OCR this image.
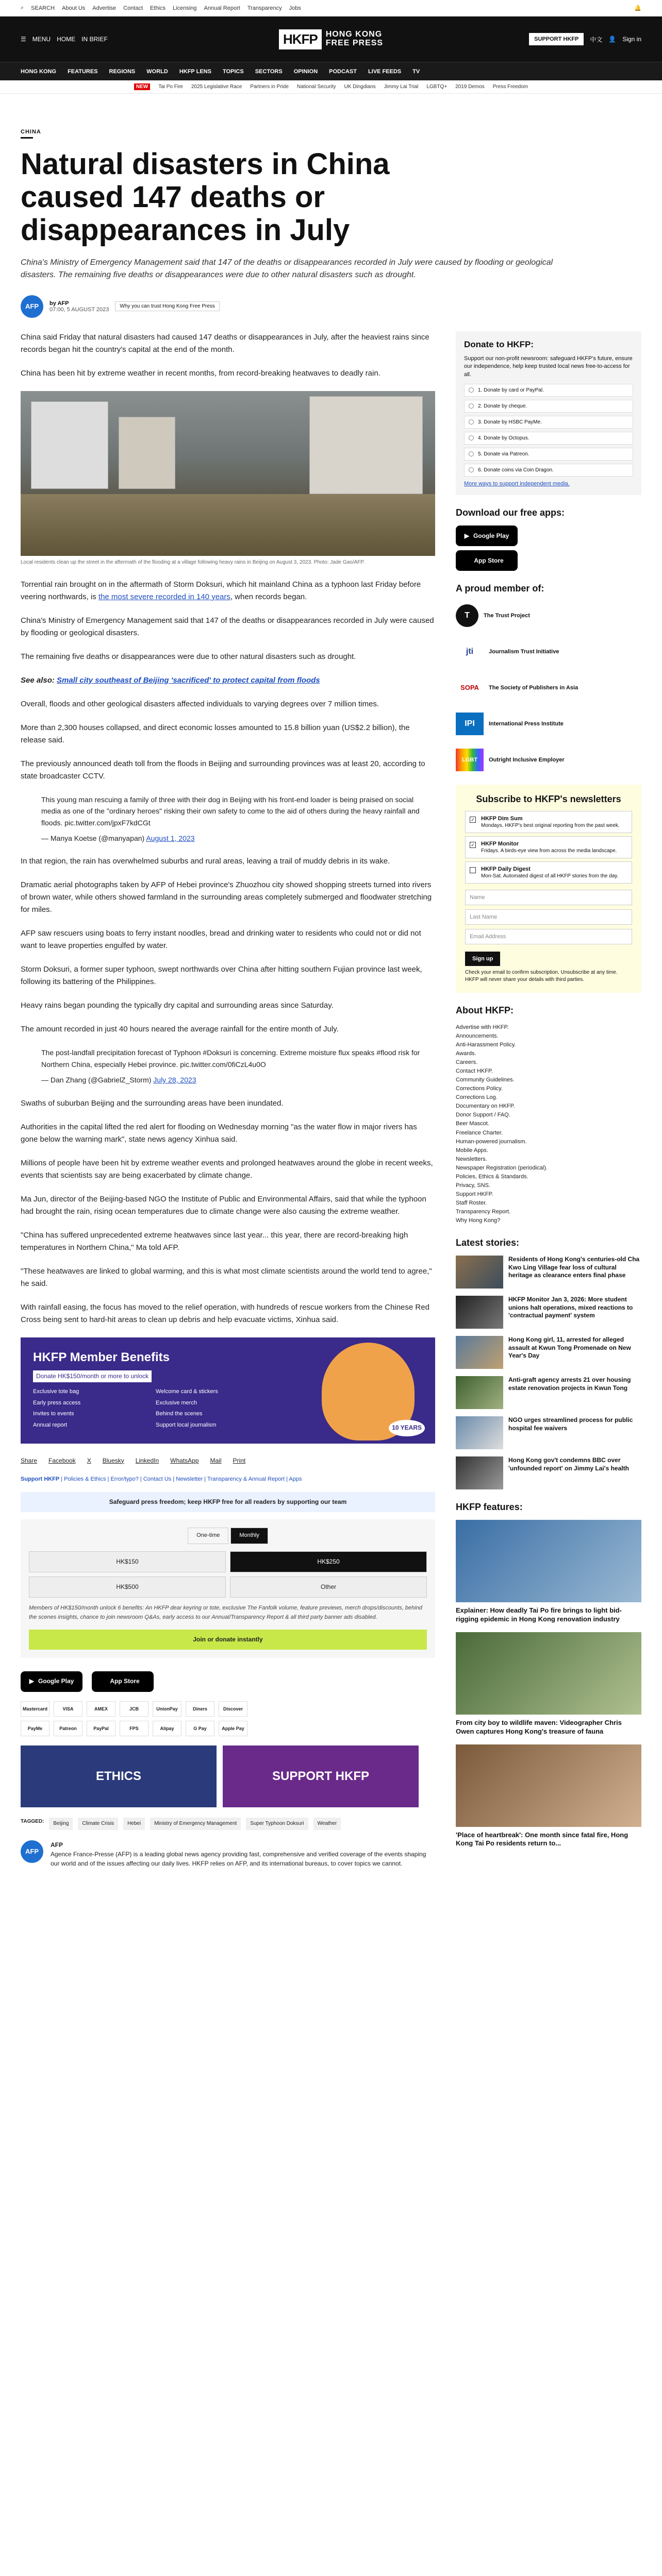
⌕ SEARCH About Us Advertise Contact Ethics Licensing Annual Report Transparency Jobs	🔔
☰ MENU HOME IN BRIEF	HKFP	HONG KONG
FREE PRESS	SUPPORT HKFP	中文 👤 Sign in
HONG KONG FEATURES REGIONS WORLD HKFP LENS TOPICS SECTORS OPINION PODCAST LIVE FEEDS TV
NEW	Tai Po Fire 2025 Legislative Race Partners in Pride National Security UK Dingdians Jimmy Lai Trial LGBTQ+ 2019 Demos Press Freedom
CHINA
Natural disasters in China caused 147 deaths or disappearances in July

China's Ministry of Emergency Management said that 147 of the deaths or disappearances recorded in July were caused by flooding or geological disasters. The remaining five deaths or disappearances were due to other natural disasters such as drought.

AFP	by AFP
07:00, 5 AUGUST 2023	Why you can trust Hong Kong Free Press

China said Friday that natural disasters had caused 147 deaths or disappearances in July, after the heaviest rains since records began hit the country's capital at the end of the month.

China has been hit by extreme weather in recent months, from record-breaking heatwaves to deadly rain.

Local residents clean up the street in the aftermath of the flooding at a village following heavy rains in Beijing on August 3, 2023. Photo: Jade Gao/AFP.

Torrential rain brought on in the aftermath of Storm Doksuri, which hit mainland China as a typhoon last Friday before veering northwards, is the most severe recorded in 140 years, when records began.

China's Ministry of Emergency Management said that 147 of the deaths or disappearances recorded in July were caused by flooding or geological disasters.

The remaining five deaths or disappearances were due to other natural disasters such as drought.

See also: Small city southeast of Beijing 'sacrificed' to protect capital from floods

Overall, floods and other geological disasters affected individuals to varying degrees over 7 million times.

More than 2,300 houses collapsed, and direct economic losses amounted to 15.8 billion yuan (US$2.2 billion), the release said.

The previously announced death toll from the floods in Beijing and surrounding provinces was at least 20, according to state broadcaster CCTV.

This young man rescuing a family of three with their dog in Beijing with his front-end loader is being praised on social media as one of the "ordinary heroes" risking their own safety to come to the aid of others during the heavy rainfall and floods. pic.twitter.com/jpxF7kdCGt

— Manya Koetse (@manyapan) August 1, 2023

In that region, the rain has overwhelmed suburbs and rural areas, leaving a trail of muddy debris in its wake.

Dramatic aerial photographs taken by AFP of Hebei province's Zhuozhou city showed shopping streets turned into rivers of brown water, while others showed farmland in the surrounding areas completely submerged and floodwater stretching for miles.

AFP saw rescuers using boats to ferry instant noodles, bread and drinking water to residents who could not or did not want to leave properties engulfed by water.

Storm Doksuri, a former super typhoon, swept northwards over China after hitting southern Fujian province last week, following its battering of the Philippines.

Heavy rains began pounding the typically dry capital and surrounding areas since Saturday.

The amount recorded in just 40 hours neared the average rainfall for the entire month of July.

The post-landfall precipitation forecast of Typhoon #Doksuri is concerning. Extreme moisture flux speaks #flood risk for Northern China, especially Hebei province. pic.twitter.com/0fiCzL4u0O

— Dan Zhang (@GabrielZ_Storm) July 28, 2023

Swaths of suburban Beijing and the surrounding areas have been inundated.

Authorities in the capital lifted the red alert for flooding on Wednesday morning "as the water flow in major rivers has gone below the warning mark", state news agency Xinhua said.

Millions of people have been hit by extreme weather events and prolonged heatwaves around the globe in recent weeks, events that scientists say are being exacerbated by climate change.

Ma Jun, director of the Beijing-based NGO the Institute of Public and Environmental Affairs, said that while the typhoon had brought the rain, rising ocean temperatures due to climate change were also causing the extreme weather.

"China has suffered unprecedented extreme heatwaves since last year... this year, there are record-breaking high temperatures in Northern China," Ma told AFP.

"These heatwaves are linked to global warming, and this is what most climate scientists around the world tend to agree," he said.

With rainfall easing, the focus has moved to the relief operation, with hundreds of rescue workers from the Chinese Red Cross being sent to hard-hit areas to clean up debris and help evacuate victims, Xinhua said.

HKFP Member Benefits
Donate HK$150/month or more to unlock
Exclusive tote bag	Welcome card & stickers
Early press access	Exclusive merch
Invites to events	Behind the scenes
Annual report	Support local journalism	10 YEARS
Share Facebook X Bluesky LinkedIn WhatsApp Mail Print
Support HKFP | Policies & Ethics | Error/typo? | Contact Us | Newsletter | Transparency & Annual Report | Apps
Safeguard press freedom; keep HKFP free for all readers by supporting our team
One-time	Monthly
HK$150	HK$250
HK$500	Other

Members of HK$150/month unlock 6 benefits: An HKFP dear keyring or tote, exclusive The Fanfolk volume, feature previews, merch drops/discounts, behind the scenes insights, chance to join newsroom Q&As, early access to our Annual/Transparency Report & all third party banner ads disabled.

Join or donate instantly
▶ Google Play	App Store
Mastercard	VISA	AMEX	JCB	UnionPay	Diners	Discover
PayMe	Patreon	PayPal	FPS	Alipay	G Pay	Apple Pay
ETHICS	SUPPORT HKFP
TAGGED:	Beijing	Climate Crisis	Hebei	Ministry of Emergency Management	Super Typhoon Doksuri	Weather
AFP
AFP

Agence France-Presse (AFP) is a leading global news agency providing fast, comprehensive and verified coverage of the events shaping our world and of the issues affecting our daily lives. HKFP relies on AFP, and its international bureaus, to cover topics we cannot.

Donate to HKFP:

Support our non-profit newsroom: safeguard HKFP's future, ensure our independence, help keep trusted local news free-to-access for all.

1. Donate by card or PayPal.
2. Donate by cheque.
3. Donate by HSBC PayMe.
4. Donate by Octopus.
5. Donate via Patreon.
6. Donate coins via Coin Dragon.
More ways to support independent media.
Download our free apps:
▶ Google Play
App Store
A proud member of:
T	The Trust Project
jti	Journalism Trust Initiative
SOPA	The Society of Publishers in Asia
IPI	International Press Institute
LGBT	Outright Inclusive Employer
Subscribe to HKFP's newsletters
✓ HKFP Dim Sum
Mondays. HKFP's best original reporting from the past week.
✓ HKFP Monitor
Fridays. A birds-eye view from across the media landscape.
HKFP Daily Digest
Mon-Sat. Automated digest of all HKFP stories from the day.
Name
Last Name
Email Address
Sign up

Check your email to confirm subscription. Unsubscribe at any time. HKFP will never share your details with third parties.

About HKFP:
Advertise with HKFP.
Announcements.
Anti-Harassment Policy.
Awards.
Careers.
Contact HKFP.
Community Guidelines.
Corrections Policy.
Corrections Log.
Documentary on HKFP.
Donor Support / FAQ.
Beer Mascot.
Freelance Charter.
Human-powered journalism.
Mobile Apps.
Newsletters.
Newspaper Registration (periodical).
Policies, Ethics & Standards.
Privacy, SNS.
Support HKFP.
Staff Roster.
Transparency Report.
Why Hong Kong?
Latest stories:
Residents of Hong Kong's centuries-old Cha Kwo Ling Village fear loss of cultural heritage as clearance enters final phase
HKFP Monitor Jan 3, 2026: More student unions halt operations, mixed reactions to 'contractual payment' system
Hong Kong girl, 11, arrested for alleged assault at Kwun Tong Promenade on New Year's Day
Anti-graft agency arrests 21 over housing estate renovation projects in Kwun Tong
NGO urges streamlined process for public hospital fee waivers
Hong Kong gov't condemns BBC over 'unfounded report' on Jimmy Lai's health
HKFP features:

Explainer: How deadly Tai Po fire brings to light bid-rigging epidemic in Hong Kong renovation industry

From city boy to wildlife maven: Videographer Chris Owen captures Hong Kong's treasure of fauna

'Place of heartbreak': One month since fatal fire, Hong Kong Tai Po residents return to...
